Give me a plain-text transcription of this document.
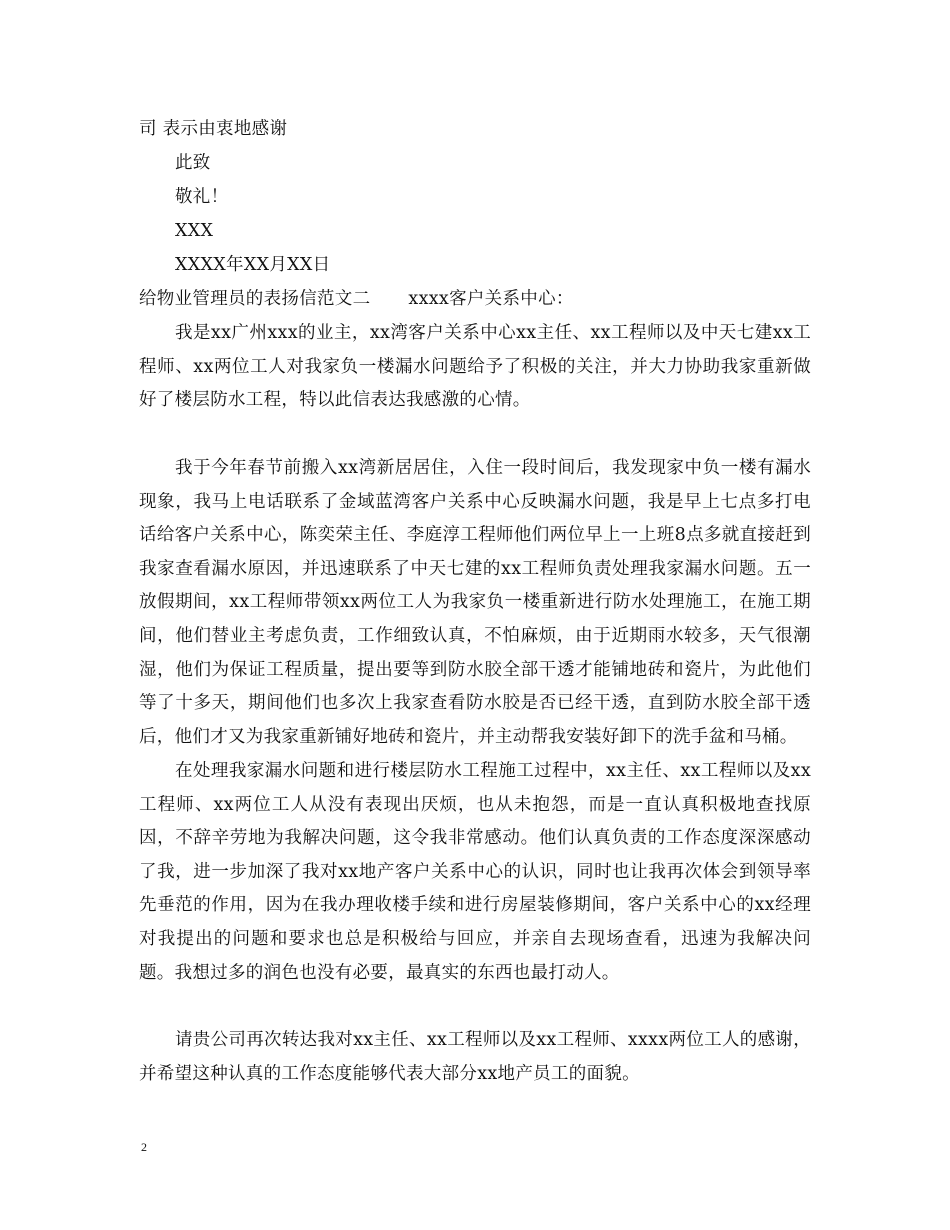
司 表示由衷地感谢
此致
敬礼！
XXX
XXXX年XX月XX日
给物业管理员的表扬信范文二 xxxx客户关系中心：
我是xx广州xxx的业主，xx湾客户关系中心xx主任、xx工程师以及中天七建xx工程师、xx两位工人对我家负一楼漏水问题给予了积极的关注，并大力协助我家重新做好了楼层防水工程，特以此信表达我感激的心情。
我于今年春节前搬入xx湾新居居住，入住一段时间后，我发现家中负一楼有漏水现象，我马上电话联系了金域蓝湾客户关系中心反映漏水问题，我是早上七点多打电话给客户关系中心，陈奕荣主任、李庭淳工程师他们两位早上一上班8点多就直接赶到我家查看漏水原因，并迅速联系了中天七建的xx工程师负责处理我家漏水问题。五一放假期间，xx工程师带领xx两位工人为我家负一楼重新进行防水处理施工，在施工期间，他们替业主考虑负责，工作细致认真，不怕麻烦，由于近期雨水较多，天气很潮湿，他们为保证工程质量，提出要等到防水胶全部干透才能铺地砖和瓷片，为此他们等了十多天，期间他们也多次上我家查看防水胶是否已经干透，直到防水胶全部干透后，他们才又为我家重新铺好地砖和瓷片，并主动帮我安装好卸下的洗手盆和马桶。
在处理我家漏水问题和进行楼层防水工程施工过程中，xx主任、xx工程师以及xx工程师、xx两位工人从没有表现出厌烦，也从未抱怨，而是一直认真积极地查找原因，不辞辛劳地为我解决问题，这令我非常感动。他们认真负责的工作态度深深感动了我，进一步加深了我对xx地产客户关系中心的认识，同时也让我再次体会到领导率先垂范的作用，因为在我办理收楼手续和进行房屋装修期间，客户关系中心的xx经理对我提出的问题和要求也总是积极给与回应，并亲自去现场查看，迅速为我解决问题。我想过多的润色也没有必要，最真实的东西也最打动人。
请贵公司再次转达我对xx主任、xx工程师以及xx工程师、xxxx两位工人的感谢，并希望这种认真的工作态度能够代表大部分xx地产员工的面貌。
2
